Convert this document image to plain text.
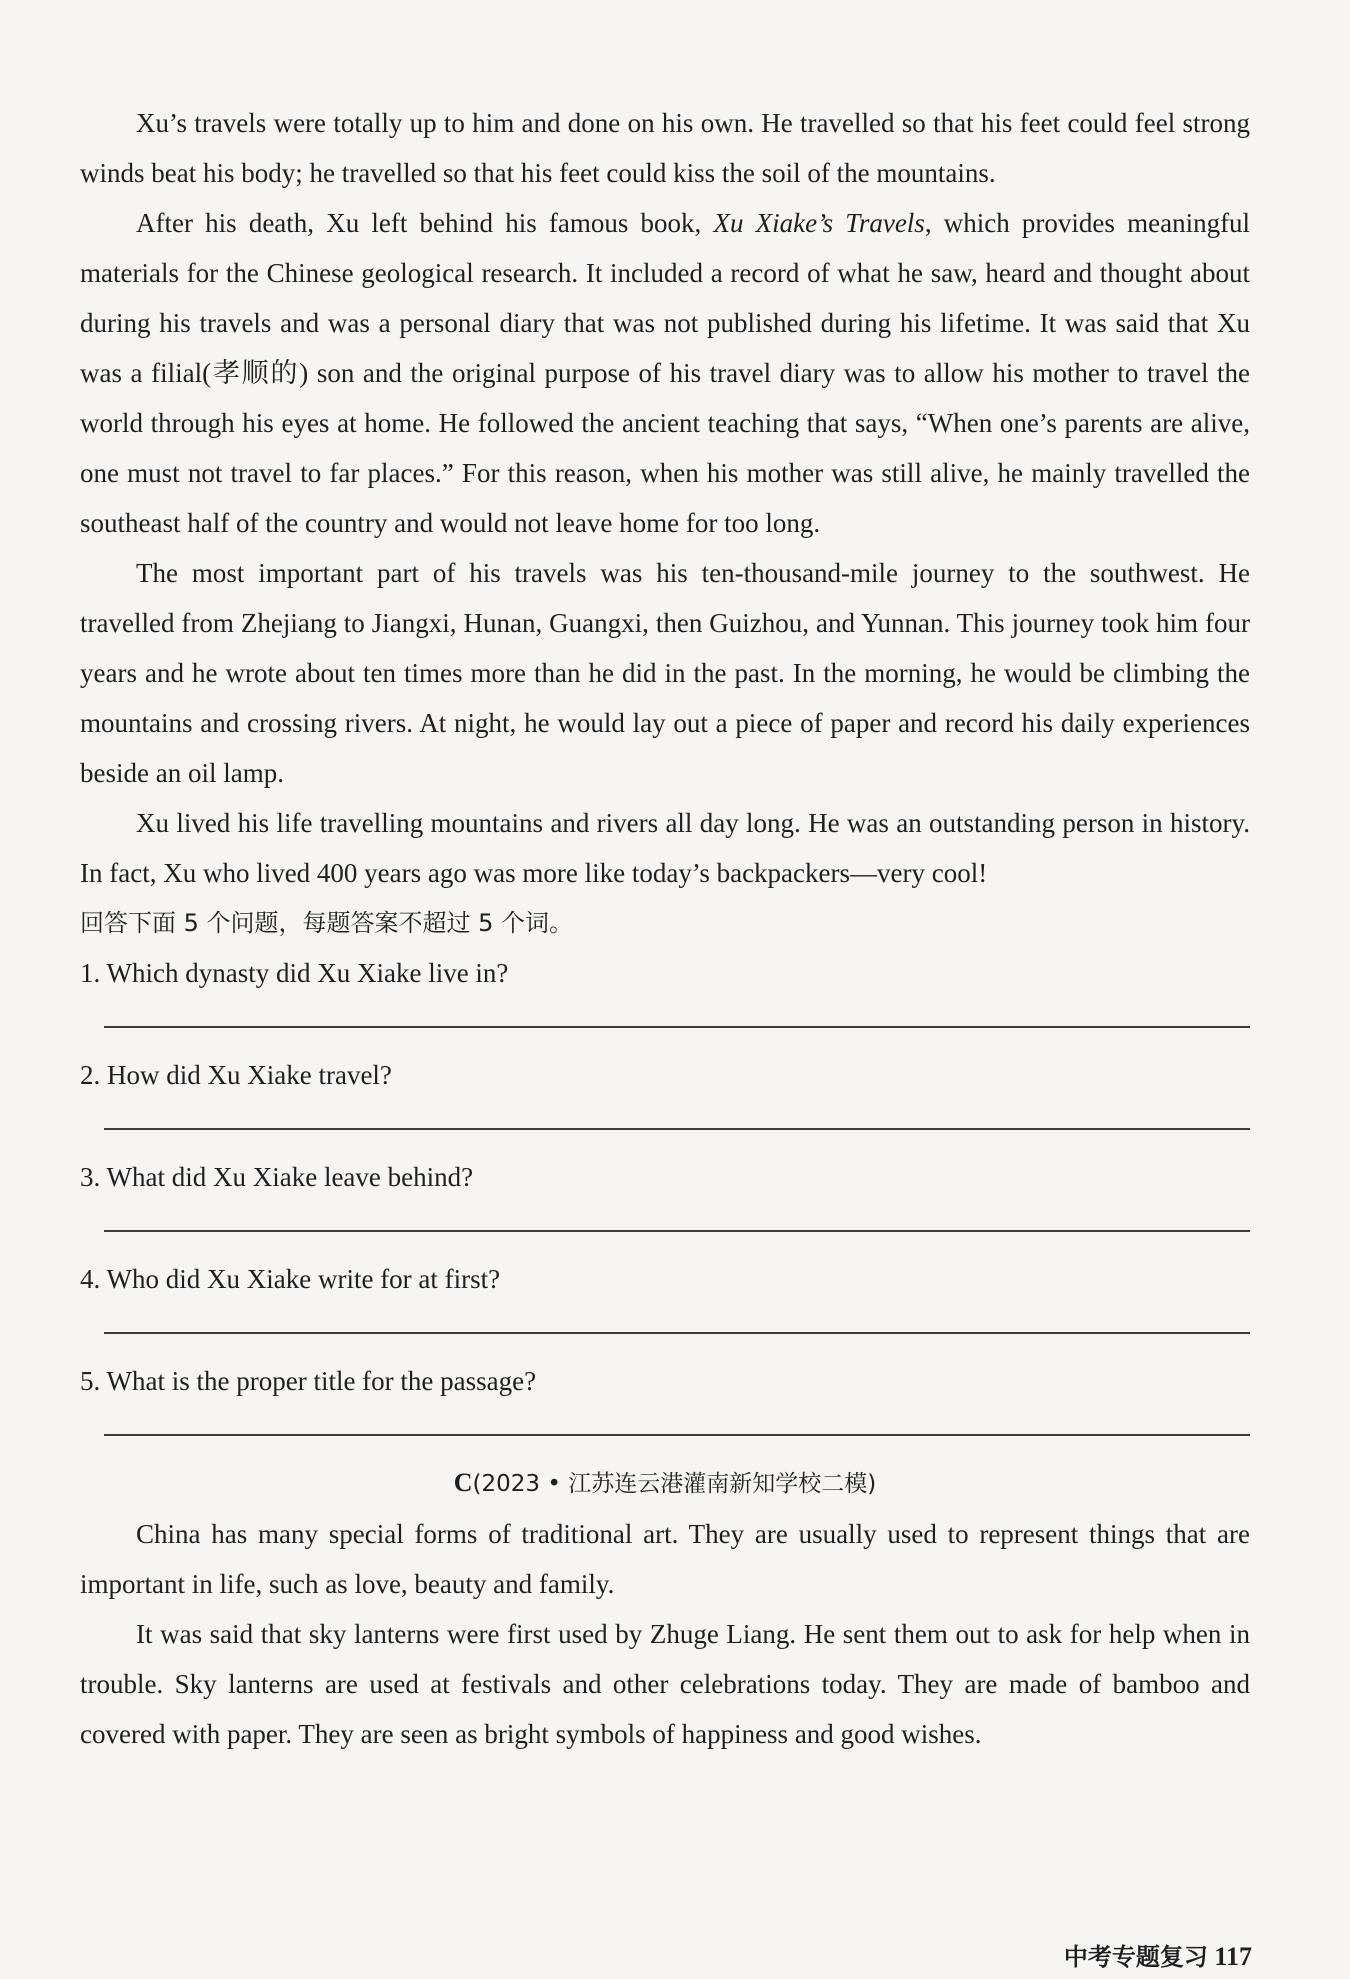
Xu’s travels were totally up to him and done on his own. He travelled so that his feet could feel strong winds beat his body; he travelled so that his feet could kiss the soil of the mountains.

After his death, Xu left behind his famous book, Xu Xiake’s Travels, which provides meaningful materials for the Chinese geological research. It included a record of what he saw, heard and thought about during his travels and was a personal diary that was not published during his lifetime. It was said that Xu was a filial(孝顺的) son and the original purpose of his travel diary was to allow his mother to travel the world through his eyes at home. He followed the ancient teaching that says, “When one’s parents are alive, one must not travel to far places.” For this reason, when his mother was still alive, he mainly travelled the southeast half of the country and would not leave home for too long.

The most important part of his travels was his ten-thousand-mile journey to the southwest. He travelled from Zhejiang to Jiangxi, Hunan, Guangxi, then Guizhou, and Yunnan. This journey took him four years and he wrote about ten times more than he did in the past. In the morning, he would be climbing the mountains and crossing rivers. At night, he would lay out a piece of paper and record his daily experiences beside an oil lamp.

Xu lived his life travelling mountains and rivers all day long. He was an outstanding person in history. In fact, Xu who lived 400 years ago was more like today’s backpackers—very cool!

回答下面 5 个问题，每题答案不超过 5 个词。

1. Which dynasty did Xu Xiake live in?

2. How did Xu Xiake travel?

3. What did Xu Xiake leave behind?

4. Who did Xu Xiake write for at first?

5. What is the proper title for the passage?

C(2023 • 江苏连云港灌南新知学校二模)

China has many special forms of traditional art. They are usually used to represent things that are important in life, such as love, beauty and family.

It was said that sky lanterns were first used by Zhuge Liang. He sent them out to ask for help when in trouble. Sky lanterns are used at festivals and other celebrations today. They are made of bamboo and covered with paper. They are seen as bright symbols of happiness and good wishes.

中考专题复习 117
